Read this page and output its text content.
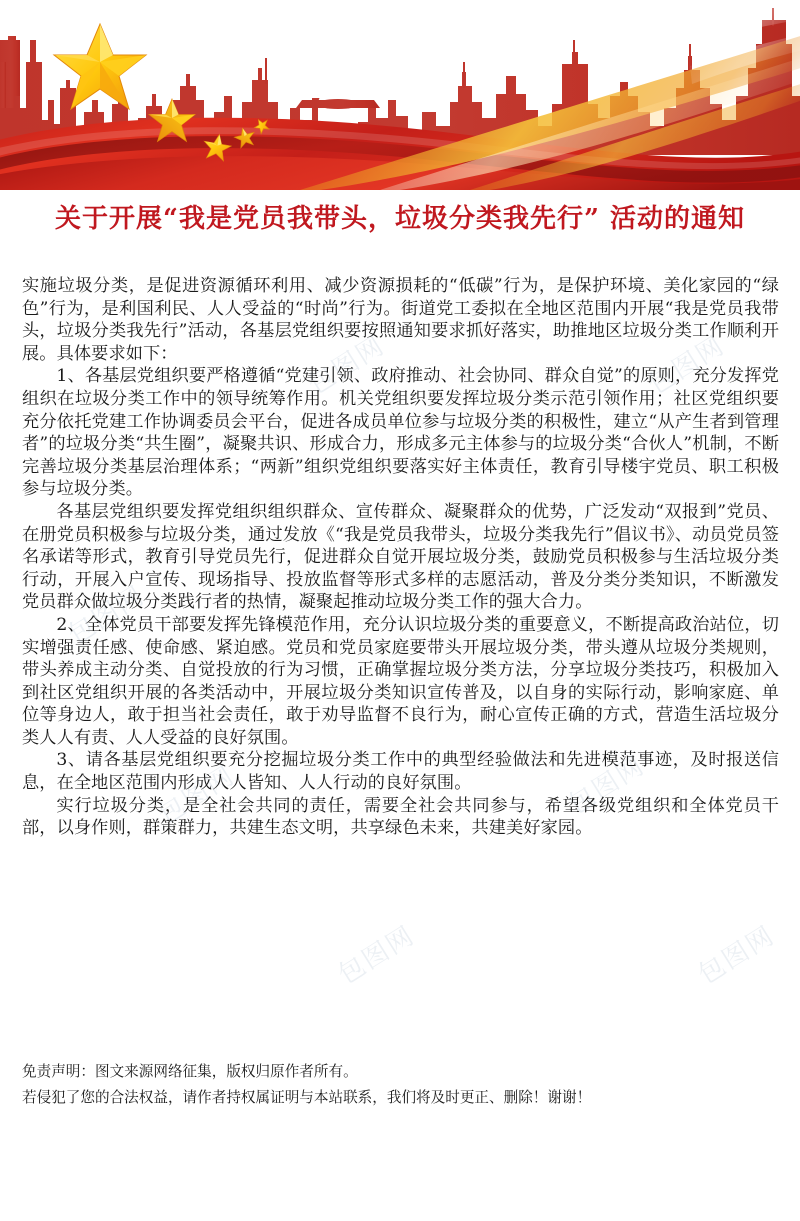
包图网	包图网
包图网	包图网
包图网	包图网
包图网	包图网
关于开展“我是党员我带头，垃圾分类我先行” 活动的通知

实施垃圾分类，是促进资源循环利用、减少资源损耗的“低碳”行为，是保护环境、美化家园的“绿色”行为，是利国利民、人人受益的“时尚”行为。街道党工委拟在全地区范围内开展“我是党员我带头，垃圾分类我先行”活动，各基层党组织要按照通知要求抓好落实，助推地区垃圾分类工作顺利开展。具体要求如下：

1、各基层党组织要严格遵循“党建引领、政府推动、社会协同、群众自觉”的原则，充分发挥党组织在垃圾分类工作中的领导统筹作用。机关党组织要发挥垃圾分类示范引领作用；社区党组织要充分依托党建工作协调委员会平台，促进各成员单位参与垃圾分类的积极性，建立“从产生者到管理者”的垃圾分类“共生圈”，凝聚共识、形成合力，形成多元主体参与的垃圾分类“合伙人”机制，不断完善垃圾分类基层治理体系；“两新”组织党组织要落实好主体责任，教育引导楼宇党员、职工积极参与垃圾分类。

各基层党组织要发挥党组织组织群众、宣传群众、凝聚群众的优势，广泛发动“双报到”党员、在册党员积极参与垃圾分类，通过发放《“我是党员我带头，垃圾分类我先行”倡议书》、动员党员签名承诺等形式，教育引导党员先行，促进群众自觉开展垃圾分类，鼓励党员积极参与生活垃圾分类行动，开展入户宣传、现场指导、投放监督等形式多样的志愿活动，普及分类分类知识，不断激发党员群众做垃圾分类践行者的热情，凝聚起推动垃圾分类工作的强大合力。

2、全体党员干部要发挥先锋模范作用，充分认识垃圾分类的重要意义，不断提高政治站位，切实增强责任感、使命感、紧迫感。党员和党员家庭要带头开展垃圾分类，带头遵从垃圾分类规则，带头养成主动分类、自觉投放的行为习惯，正确掌握垃圾分类方法，分享垃圾分类技巧，积极加入到社区党组织开展的各类活动中，开展垃圾分类知识宣传普及，以自身的实际行动，影响家庭、单位等身边人，敢于担当社会责任，敢于劝导监督不良行为，耐心宣传正确的方式，营造生活垃圾分类人人有责、人人受益的良好氛围。

3、请各基层党组织要充分挖掘垃圾分类工作中的典型经验做法和先进模范事迹，及时报送信息，在全地区范围内形成人人皆知、人人行动的良好氛围。

实行垃圾分类，是全社会共同的责任，需要全社会共同参与，希望各级党组织和全体党员干部，以身作则，群策群力，共建生态文明，共享绿色未来，共建美好家园。

免责声明：图文来源网络征集，版权归原作者所有。

若侵犯了您的合法权益，请作者持权属证明与本站联系，我们将及时更正、删除！谢谢！
